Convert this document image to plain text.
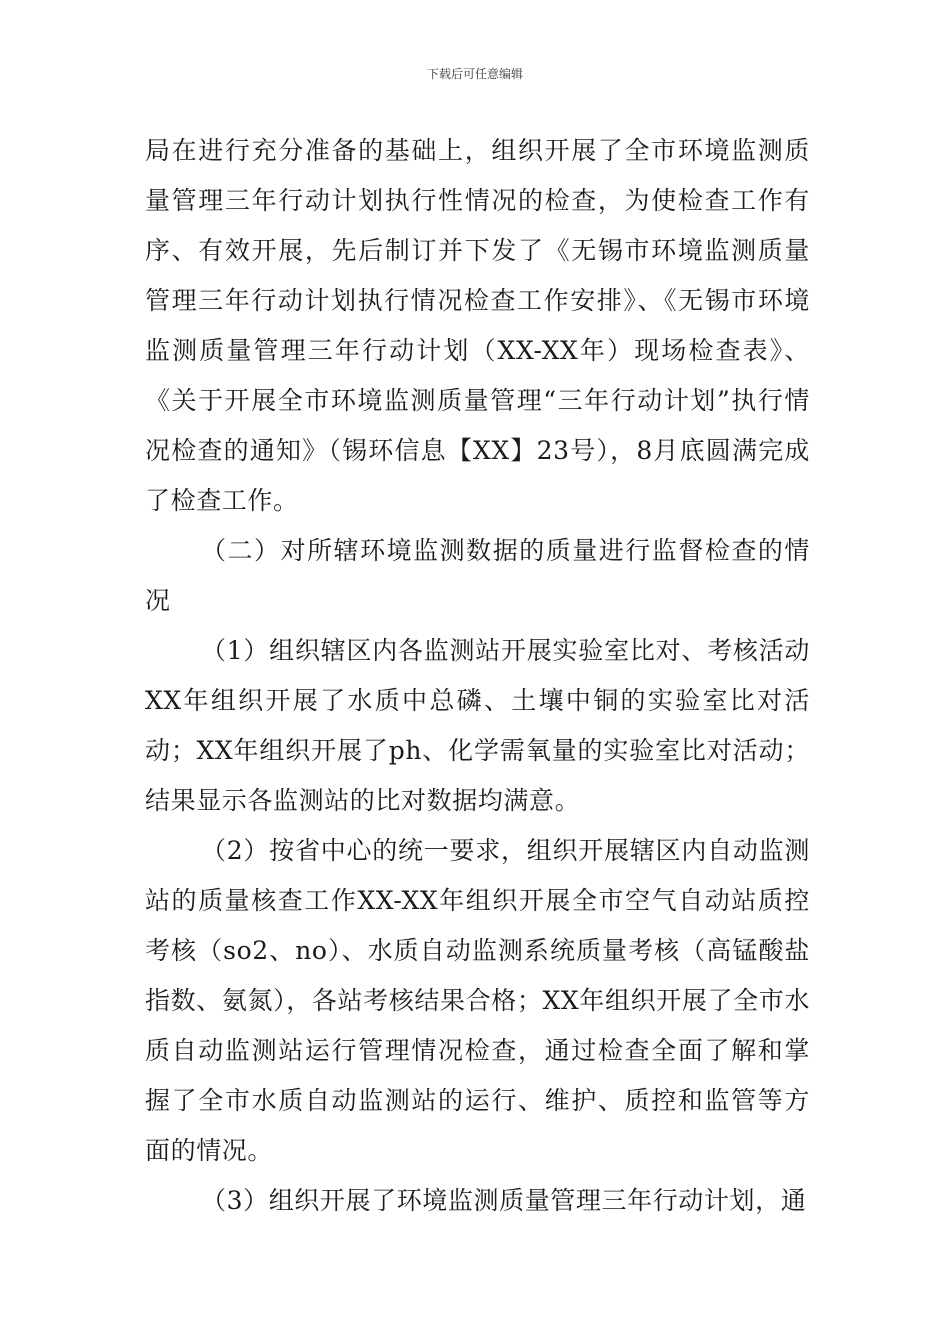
下载后可任意编辑

局在进行充分准备的基础上，组织开展了全市环境监测质量管理三年行动计划执行性情况的检查，为使检查工作有序、有效开展，先后制订并下发了《无锡市环境监测质量管理三年行动计划执行情况检查工作安排》、《无锡市环境监测质量管理三年行动计划（XX-XX年）现场检查表》、《关于开展全市环境监测质量管理“三年行动计划”执行情况检查的通知》（锡环信息【XX】23号），8月底圆满完成了检查工作。

（二）对所辖环境监测数据的质量进行监督检查的情况

（1）组织辖区内各监测站开展实验室比对、考核活动XX年组织开展了水质中总磷、土壤中铜的实验室比对活动；XX年组织开展了ph、化学需氧量的实验室比对活动；结果显示各监测站的比对数据均满意。

（2）按省中心的统一要求，组织开展辖区内自动监测站的质量核查工作XX-XX年组织开展全市空气自动站质控考核（so2、no）、水质自动监测系统质量考核（高锰酸盐指数、氨氮），各站考核结果合格；XX年组织开展了全市水质自动监测站运行管理情况检查，通过检查全面了解和掌握了全市水质自动监测站的运行、维护、质控和监管等方面的情况。

（3）组织开展了环境监测质量管理三年行动计划，通
